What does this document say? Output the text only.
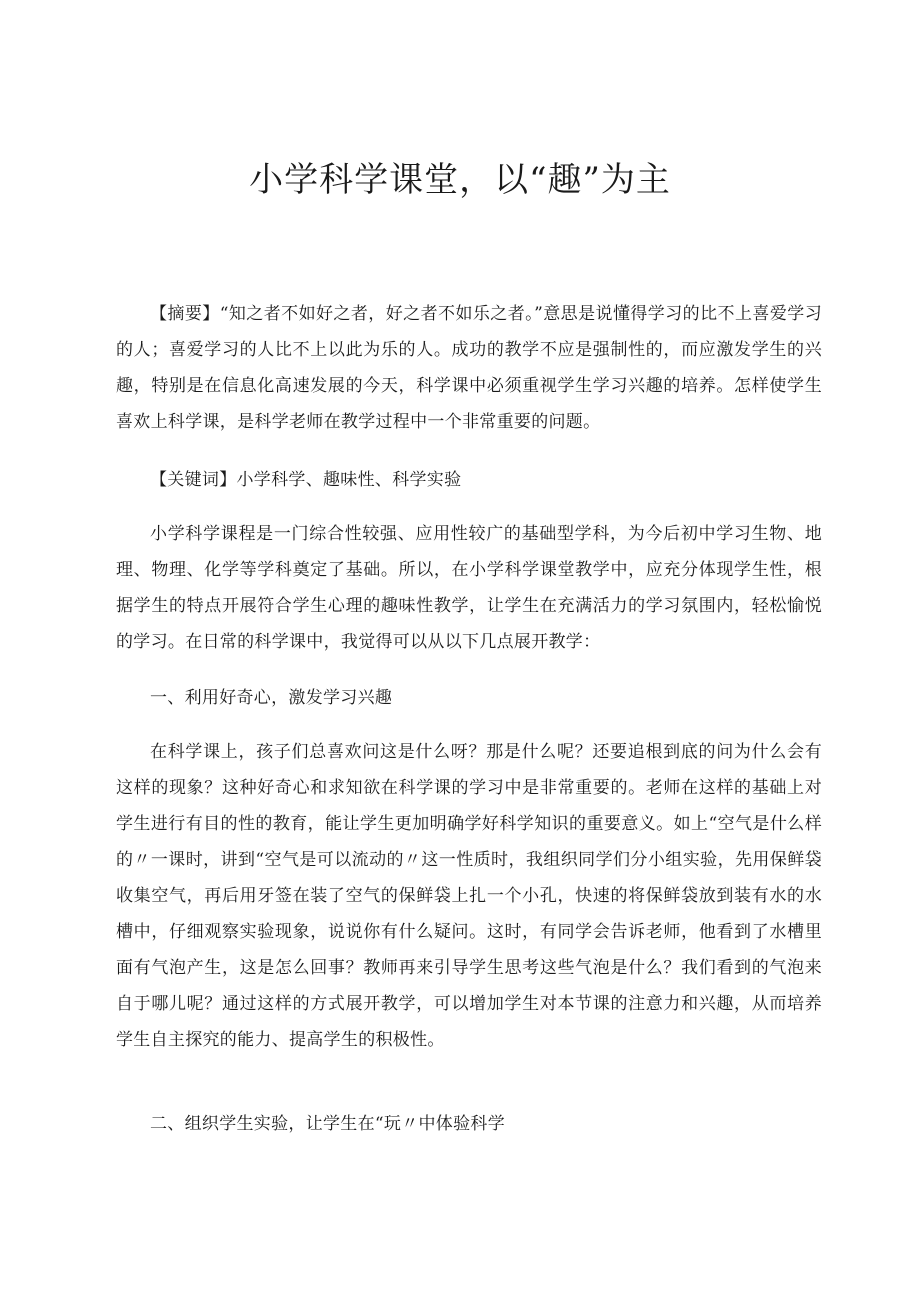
小学科学课堂，以“趣”为主

【摘要】“知之者不如好之者，好之者不如乐之者。”意思是说懂得学习的比不上喜爱学习的人；喜爱学习的人比不上以此为乐的人。成功的教学不应是强制性的，而应激发学生的兴趣，特别是在信息化高速发展的今天，科学课中必须重视学生学习兴趣的培养。怎样使学生喜欢上科学课，是科学老师在教学过程中一个非常重要的问题。

【关键词】小学科学、趣味性、科学实验

小学科学课程是一门综合性较强、应用性较广的基础型学科，为今后初中学习生物、地理、物理、化学等学科奠定了基础。所以，在小学科学课堂教学中，应充分体现学生性，根据学生的特点开展符合学生心理的趣味性教学，让学生在充满活力的学习氛围内，轻松愉悦的学习。在日常的科学课中，我觉得可以从以下几点展开教学：

一、利用好奇心，激发学习兴趣

在科学课上，孩子们总喜欢问这是什么呀？那是什么呢？还要追根到底的问为什么会有这样的现象？这种好奇心和求知欲在科学课的学习中是非常重要的。老师在这样的基础上对学生进行有目的性的教育，能让学生更加明确学好科学知识的重要意义。如上“空气是什么样的〃一课时，讲到“空气是可以流动的〃这一性质时，我组织同学们分小组实验，先用保鲜袋收集空气，再后用牙签在装了空气的保鲜袋上扎一个小孔，快速的将保鲜袋放到装有水的水槽中，仔细观察实验现象，说说你有什么疑问。这时，有同学会告诉老师，他看到了水槽里面有气泡产生，这是怎么回事？教师再来引导学生思考这些气泡是什么？我们看到的气泡来自于哪儿呢？通过这样的方式展开教学，可以增加学生对本节课的注意力和兴趣，从而培养学生自主探究的能力、提高学生的积极性。

二、组织学生实验，让学生在“玩〃中体验科学
